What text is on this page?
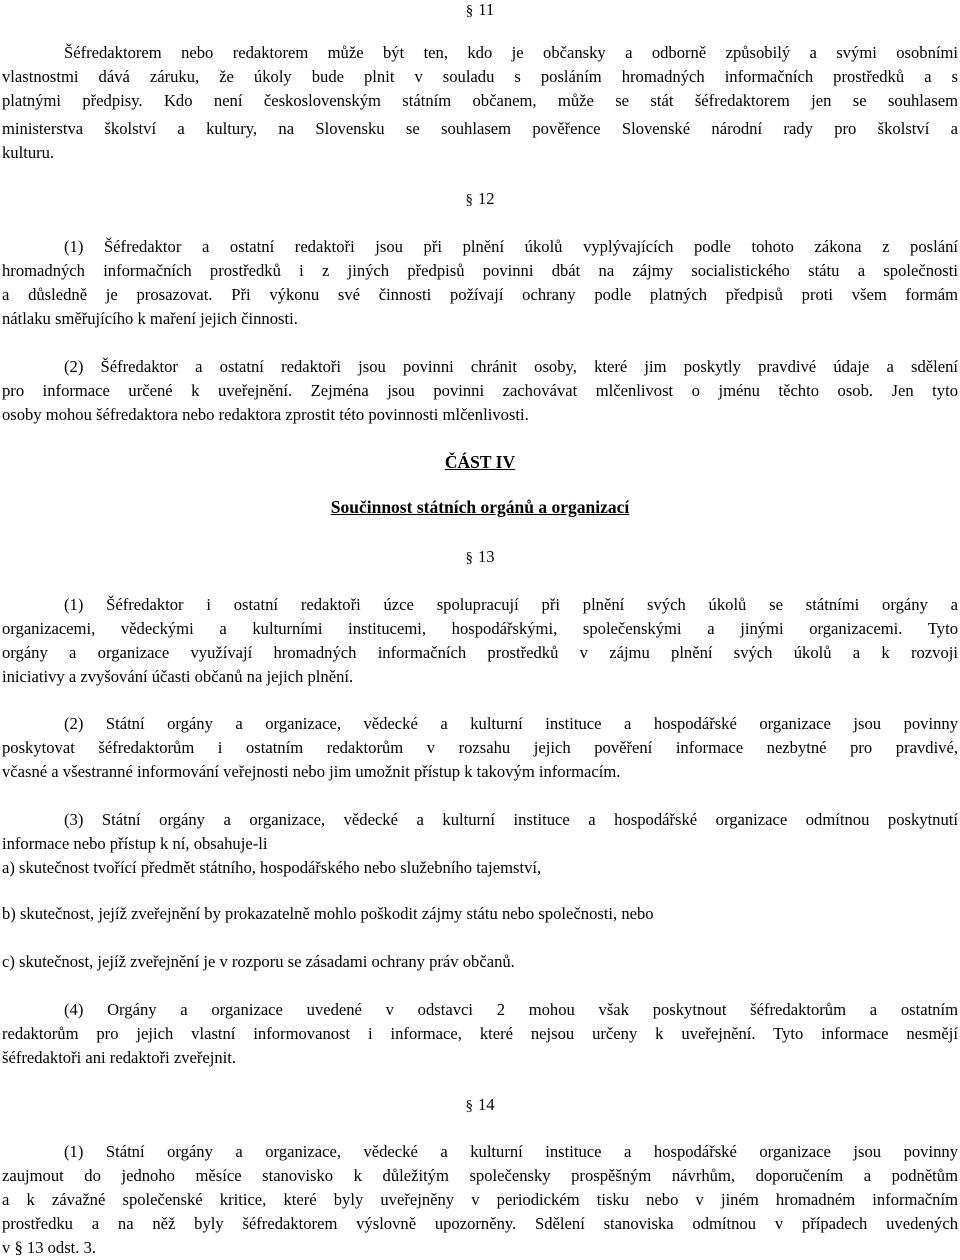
§ 11
Šéfredaktorem nebo redaktorem může být ten, kdo je občansky a odborně způsobilý a svými osobními
vlastnostmi dává záruku, že úkoly bude plnit v souladu s posláním hromadných informačních prostředků a s
platnými předpisy. Kdo není československým státním občanem, může se stát šéfredaktorem jen se souhlasem
ministerstva školství a kultury, na Slovensku se souhlasem pověřence Slovenské národní rady pro školství a
kulturu.
§ 12
(1) Šéfredaktor a ostatní redaktoři jsou při plnění úkolů vyplývajících podle tohoto zákona z poslání
hromadných informačních prostředků i z jiných předpisů povinni dbát na zájmy socialistického státu a společnosti
a důsledně je prosazovat. Při výkonu své činnosti požívají ochrany podle platných předpisů proti všem formám
nátlaku směřujícího k maření jejich činnosti.
(2) Šéfredaktor a ostatní redaktoři jsou povinni chránit osoby, které jim poskytly pravdivé údaje a sdělení
pro informace určené k uveřejnění. Zejména jsou povinni zachovávat mlčenlivost o jménu těchto osob. Jen tyto
osoby mohou šéfredaktora nebo redaktora zprostit této povinnosti mlčenlivosti.
ČÁST IV
Součinnost státních orgánů a organizací
§ 13
(1) Šéfredaktor i ostatní redaktoři úzce spolupracují při plnění svých úkolů se státními orgány a
organizacemi, vědeckými a kulturními institucemi, hospodářskými, společenskými a jinými organizacemi. Tyto
orgány a organizace využívají hromadných informačních prostředků v zájmu plnění svých úkolů a k rozvoji
iniciativy a zvyšování účasti občanů na jejich plnění.
(2) Státní orgány a organizace, vědecké a kulturní instituce a hospodářské organizace jsou povinny
poskytovat šéfredaktorům i ostatním redaktorům v rozsahu jejich pověření informace nezbytné pro pravdivé,
včasné a všestranné informování veřejnosti nebo jim umožnit přístup k takovým informacím.
(3) Státní orgány a organizace, vědecké a kulturní instituce a hospodářské organizace odmítnou poskytnutí
informace nebo přístup k ní, obsahuje-li
a) skutečnost tvořící předmět státního, hospodářského nebo služebního tajemství,
b) skutečnost, jejíž zveřejnění by prokazatelně mohlo poškodit zájmy státu nebo společnosti, nebo
c) skutečnost, jejíž zveřejnění je v rozporu se zásadami ochrany práv občanů.
(4) Orgány a organizace uvedené v odstavci 2 mohou však poskytnout šéfredaktorům a ostatním
redaktorům pro jejich vlastní informovanost i informace, které nejsou určeny k uveřejnění. Tyto informace nesmějí
šéfredaktoři ani redaktoři zveřejnit.
§ 14
(1) Státní orgány a organizace, vědecké a kulturní instituce a hospodářské organizace jsou povinny
zaujmout do jednoho měsíce stanovisko k důležitým společensky prospěšným návrhům, doporučením a podnětům
a k závažné společenské kritice, které byly uveřejněny v periodickém tisku nebo v jiném hromadném informačním
prostředku a na něž byly šéfredaktorem výslovně upozorněny. Sdělení stanoviska odmítnou v případech uvedených
v § 13 odst. 3.
